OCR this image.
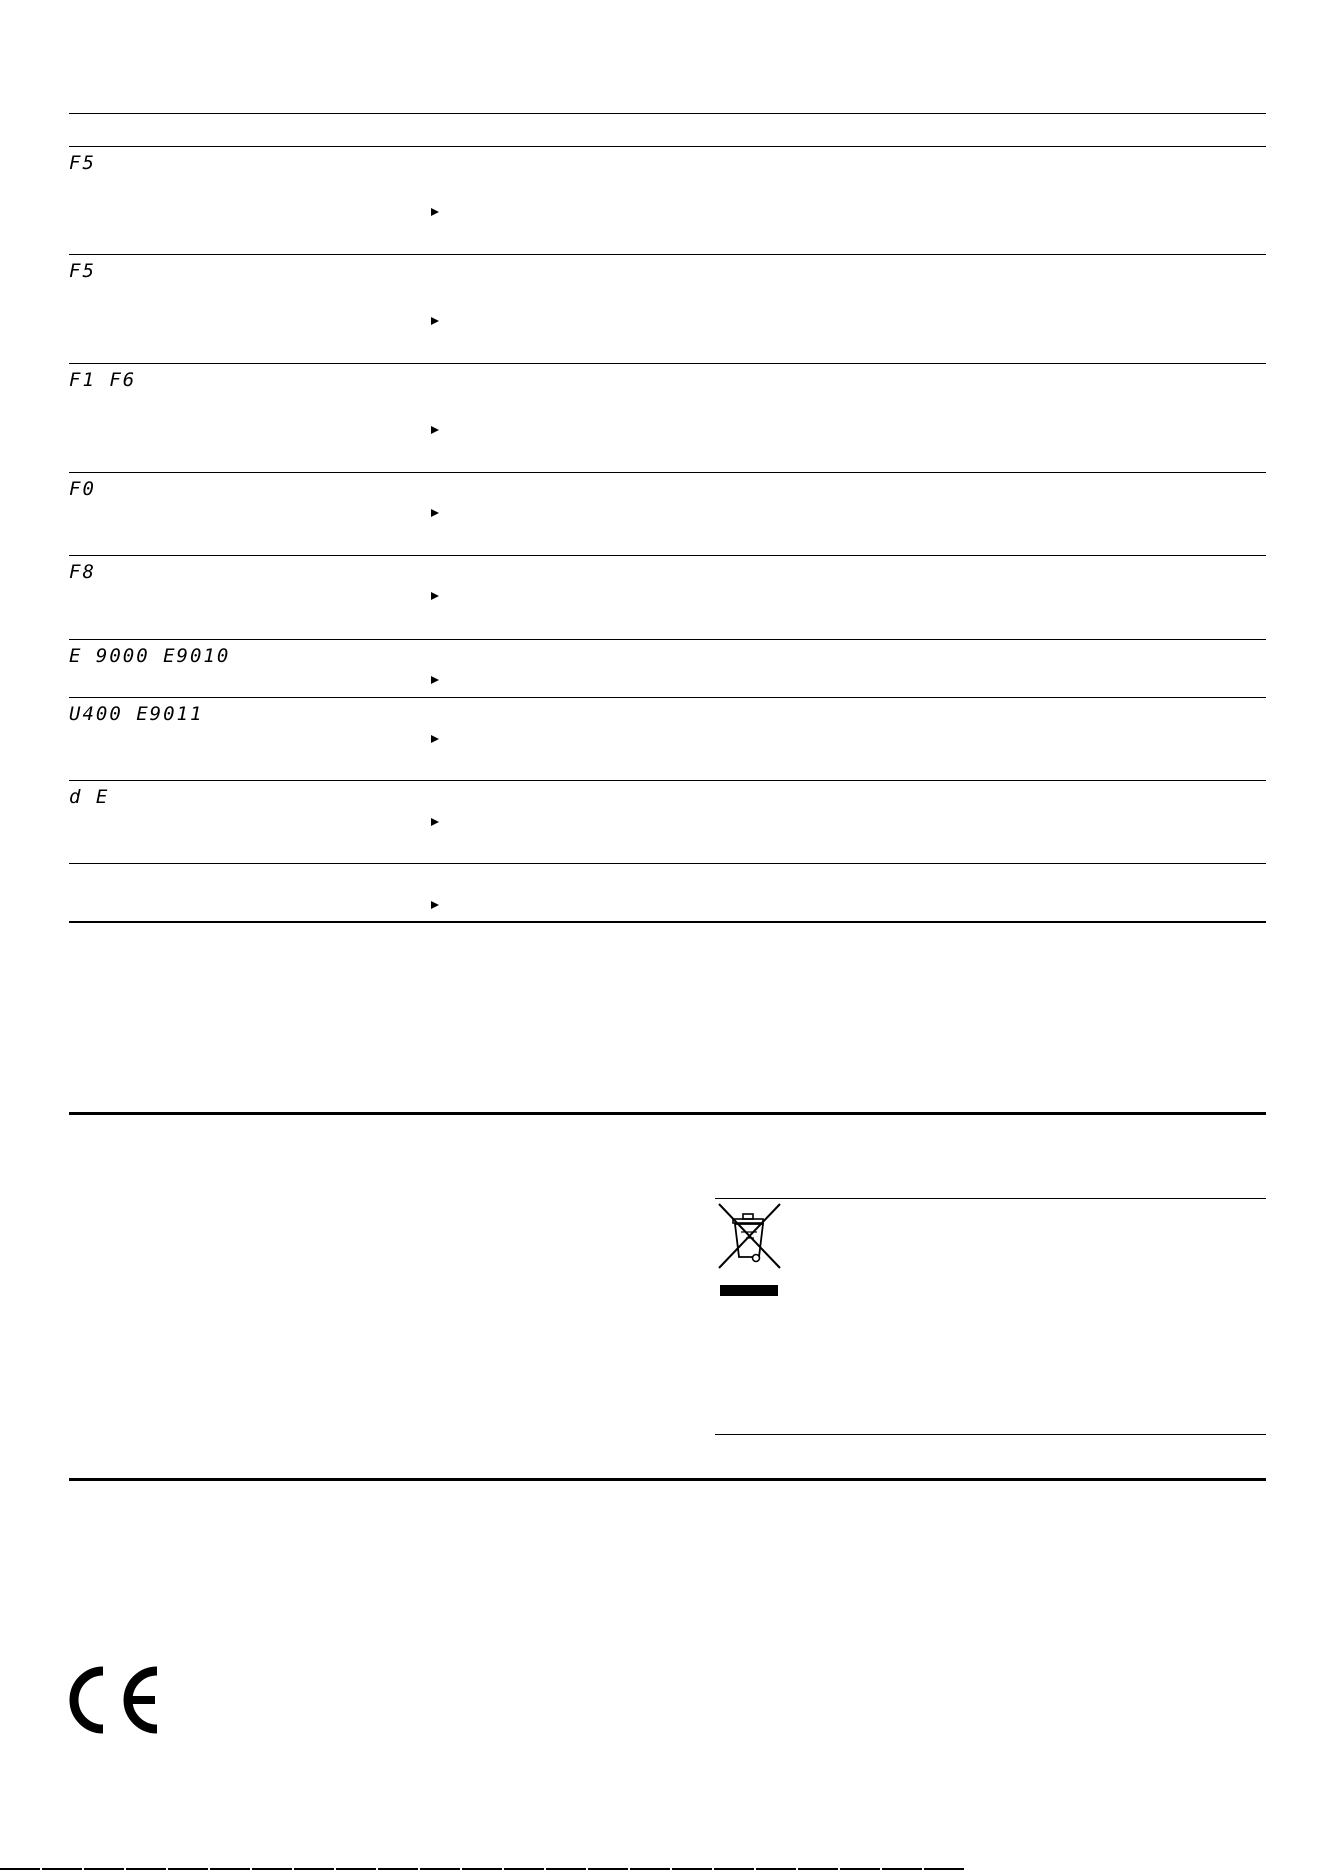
F5
F5
F1 F6
F0
F8
E 9000 E9010
U400 E9011
d E
